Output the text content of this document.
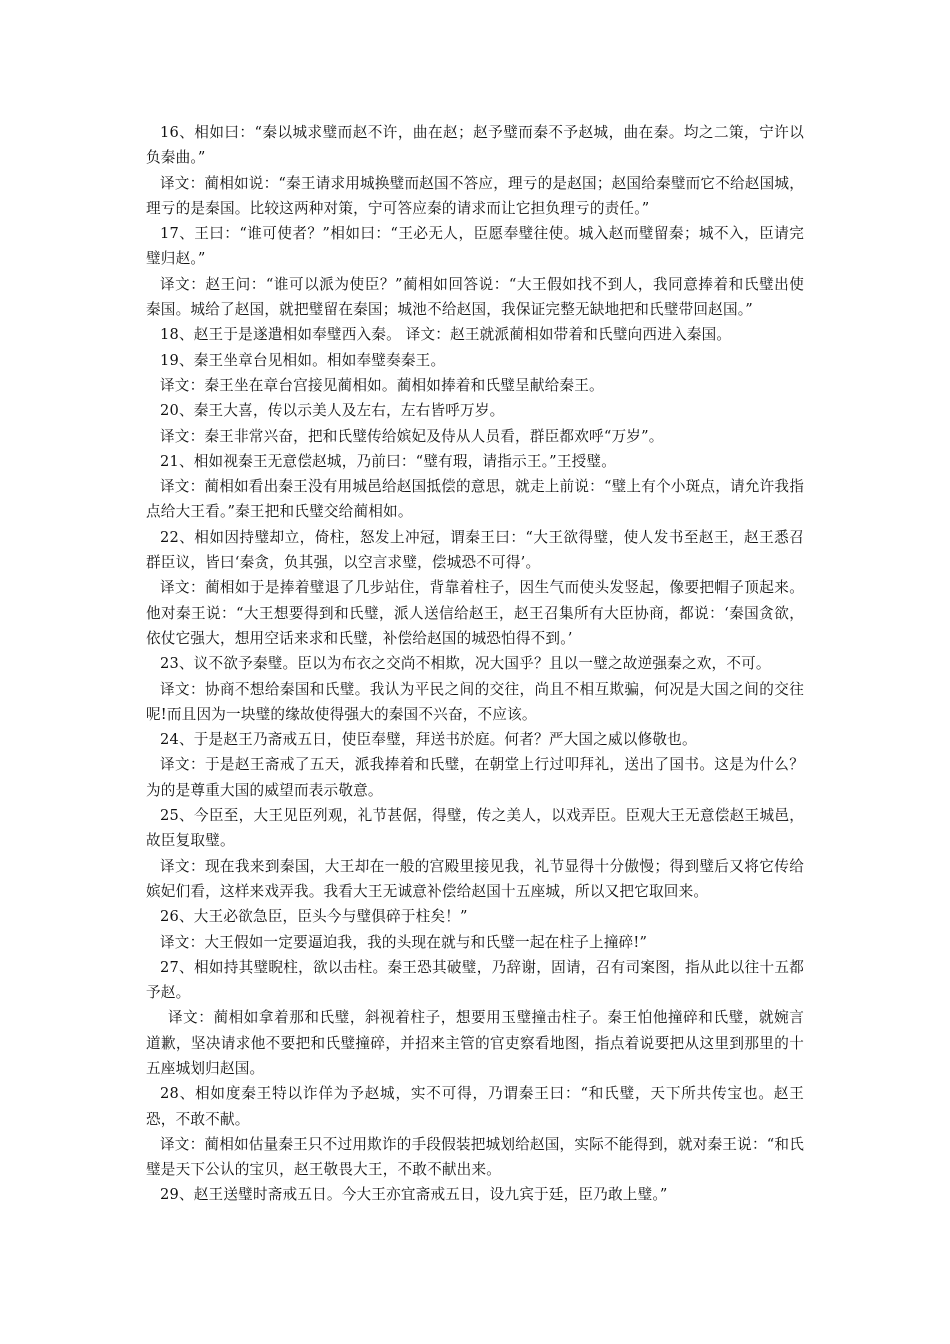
16、相如曰：“秦以城求璧而赵不许，曲在赵；赵予璧而秦不予赵城，曲在秦。均之二策，宁许以负秦曲。”

译文：蔺相如说：“秦王请求用城换璧而赵国不答应，理亏的是赵国；赵国给秦璧而它不给赵国城，理亏的是秦国。比较这两种对策，宁可答应秦的请求而让它担负理亏的责任。”

17、王曰：“谁可使者？”相如曰：“王必无人，臣愿奉璧往使。城入赵而璧留秦；城不入，臣请完璧归赵。”

译文：赵王问：“谁可以派为使臣？”蔺相如回答说：“大王假如找不到人，我同意捧着和氏璧出使秦国。城给了赵国，就把璧留在秦国；城池不给赵国，我保证完整无缺地把和氏璧带回赵国。”

18、赵王于是遂遣相如奉璧西入秦。 译文：赵王就派蔺相如带着和氏璧向西进入秦国。

19、秦王坐章台见相如。相如奉璧奏秦王。

译文：秦王坐在章台宫接见蔺相如。蔺相如捧着和氏璧呈献给秦王。

20、秦王大喜，传以示美人及左右，左右皆呼万岁。

译文：秦王非常兴奋，把和氏璧传给嫔妃及侍从人员看，群臣都欢呼“万岁”。

21、相如视秦王无意偿赵城，乃前曰：“璧有瑕，请指示王。”王授璧。

译文：蔺相如看出秦王没有用城邑给赵国抵偿的意思，就走上前说：“璧上有个小斑点，请允许我指点给大王看。”秦王把和氏璧交给蔺相如。

22、相如因持璧却立，倚柱，怒发上冲冠，谓秦王曰：“大王欲得璧，使人发书至赵王，赵王悉召群臣议，皆曰‘秦贪，负其强，以空言求璧，偿城恐不可得’。

译文：蔺相如于是捧着璧退了几步站住，背靠着柱子，因生气而使头发竖起，像要把帽子顶起来。他对秦王说：“大王想要得到和氏璧，派人送信给赵王，赵王召集所有大臣协商，都说：‘秦国贪欲，依仗它强大，想用空话来求和氏璧，补偿给赵国的城恐怕得不到。’

23、议不欲予秦璧。臣以为布衣之交尚不相欺，况大国乎？且以一璧之故逆强秦之欢，不可。

译文：协商不想给秦国和氏璧。我认为平民之间的交往，尚且不相互欺骗，何况是大国之间的交往呢!而且因为一块璧的缘故使得强大的秦国不兴奋，不应该。

24、于是赵王乃斋戒五日，使臣奉璧，拜送书於庭。何者？严大国之威以修敬也。

译文：于是赵王斋戒了五天，派我捧着和氏璧，在朝堂上行过叩拜礼，送出了国书。这是为什么？为的是尊重大国的威望而表示敬意。

25、今臣至，大王见臣列观，礼节甚倨，得璧，传之美人，以戏弄臣。臣观大王无意偿赵王城邑，故臣复取璧。

译文：现在我来到秦国，大王却在一般的宫殿里接见我，礼节显得十分傲慢；得到璧后又将它传给嫔妃们看，这样来戏弄我。我看大王无诚意补偿给赵国十五座城，所以又把它取回来。

26、大王必欲急臣，臣头今与璧俱碎于柱矣！”

译文：大王假如一定要逼迫我，我的头现在就与和氏璧一起在柱子上撞碎!”

27、相如持其璧睨柱，欲以击柱。秦王恐其破璧，乃辞谢，固请，召有司案图，指从此以往十五都予赵。

译文：蔺相如拿着那和氏璧，斜视着柱子，想要用玉璧撞击柱子。秦王怕他撞碎和氏璧，就婉言道歉，坚决请求他不要把和氏璧撞碎，并招来主管的官吏察看地图，指点着说要把从这里到那里的十五座城划归赵国。

28、相如度秦王特以诈佯为予赵城，实不可得，乃谓秦王曰：“和氏璧，天下所共传宝也。赵王恐，不敢不献。

译文：蔺相如估量秦王只不过用欺诈的手段假装把城划给赵国，实际不能得到，就对秦王说：“和氏璧是天下公认的宝贝，赵王敬畏大王，不敢不献出来。

29、赵王送璧时斋戒五日。今大王亦宜斋戒五日，设九宾于廷，臣乃敢上璧。”
